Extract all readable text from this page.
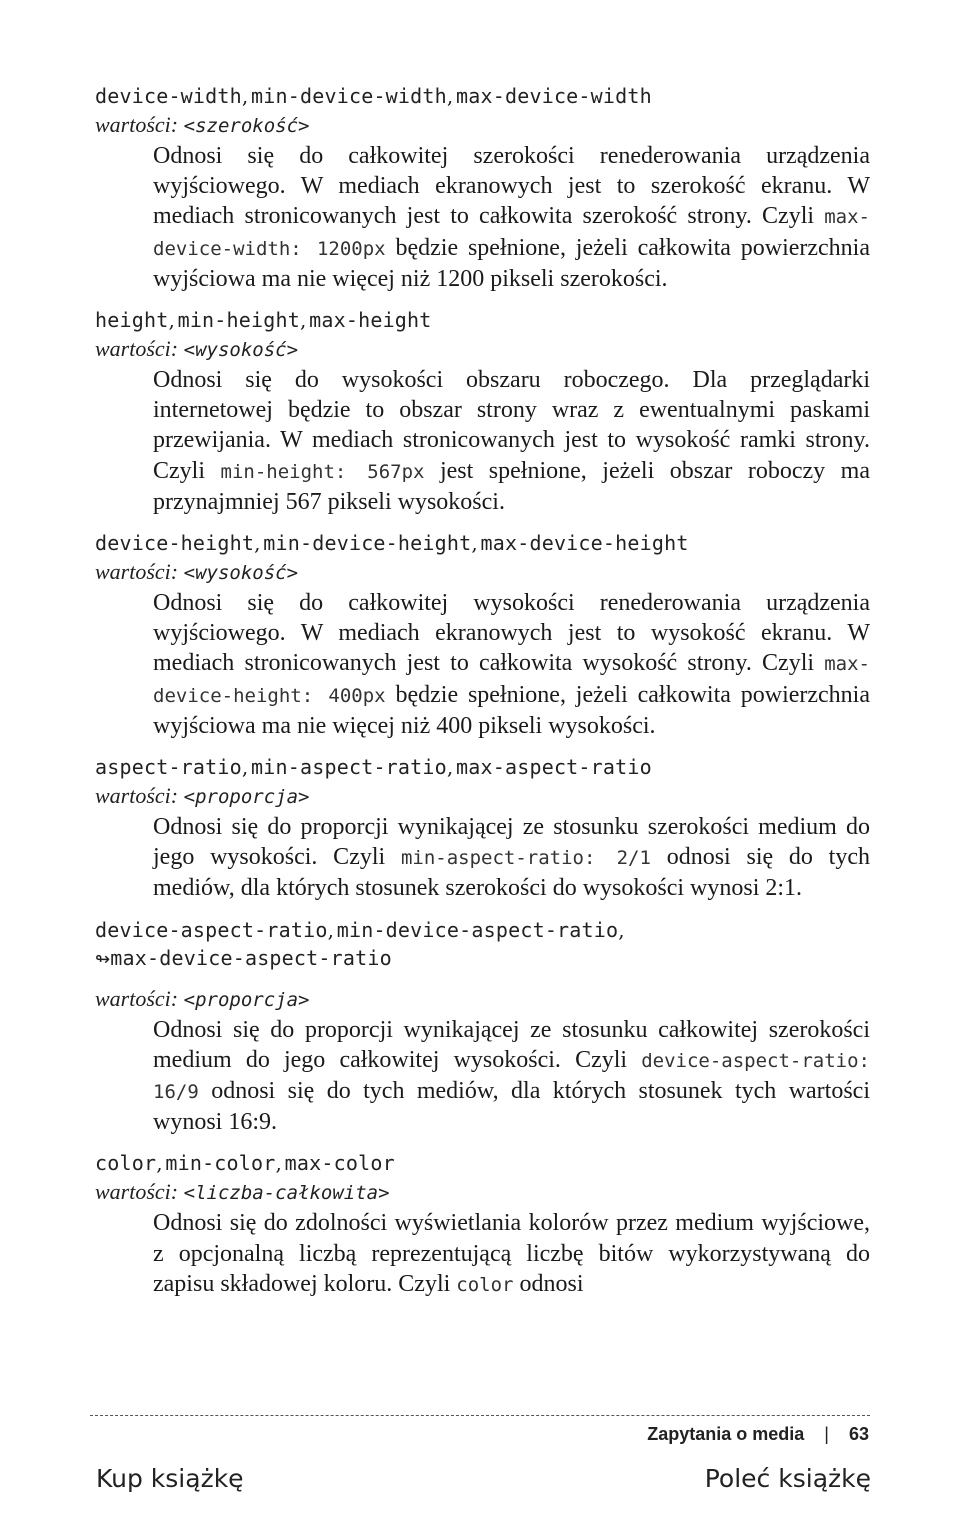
device-width, min-device-width, max-device-width
wartości: <szerokość>
Odnosi się do całkowitej szerokości renederowania urządzenia wyjściowego. W mediach ekranowych jest to szerokość ekranu. W mediach stronicowanych jest to całkowita szerokość strony. Czyli max-device-width: 1200px będzie spełnione, jeżeli całkowita powierzchnia wyjściowa ma nie więcej niż 1200 pikseli szerokości.
height, min-height, max-height
wartości: <wysokość>
Odnosi się do wysokości obszaru roboczego. Dla przeglądarki internetowej będzie to obszar strony wraz z ewentualnymi paskami przewijania. W mediach stronicowanych jest to wysokość ramki strony. Czyli min-height: 567px jest spełnione, jeżeli obszar roboczy ma przynajmniej 567 pikseli wysokości.
device-height, min-device-height, max-device-height
wartości: <wysokość>
Odnosi się do całkowitej wysokości renederowania urządzenia wyjściowego. W mediach ekranowych jest to wysokość ekranu. W mediach stronicowanych jest to całkowita wysokość strony. Czyli max-device-height: 400px będzie spełnione, jeżeli całkowita powierzchnia wyjściowa ma nie więcej niż 400 pikseli wysokości.
aspect-ratio, min-aspect-ratio, max-aspect-ratio
wartości: <proporcja>
Odnosi się do proporcji wynikającej ze stosunku szerokości medium do jego wysokości. Czyli min-aspect-ratio: 2/1 odnosi się do tych mediów, dla których stosunek szerokości do wysokości wynosi 2:1.
device-aspect-ratio, min-device-aspect-ratio,
↬max-device-aspect-ratio
wartości: <proporcja>
Odnosi się do proporcji wynikającej ze stosunku całkowitej szerokości medium do jego całkowitej wysokości. Czyli device-aspect-ratio: 16/9 odnosi się do tych mediów, dla których stosunek tych wartości wynosi 16:9.
color, min-color, max-color
wartości: <liczba-całkowita>
Odnosi się do zdolności wyświetlania kolorów przez medium wyjściowe, z opcjonalną liczbą reprezentującą liczbę bitów wykorzystywaną do zapisu składowej koloru. Czyli color odnosi
Zapytania o media | 63
Kup książkę	Poleć książkę
